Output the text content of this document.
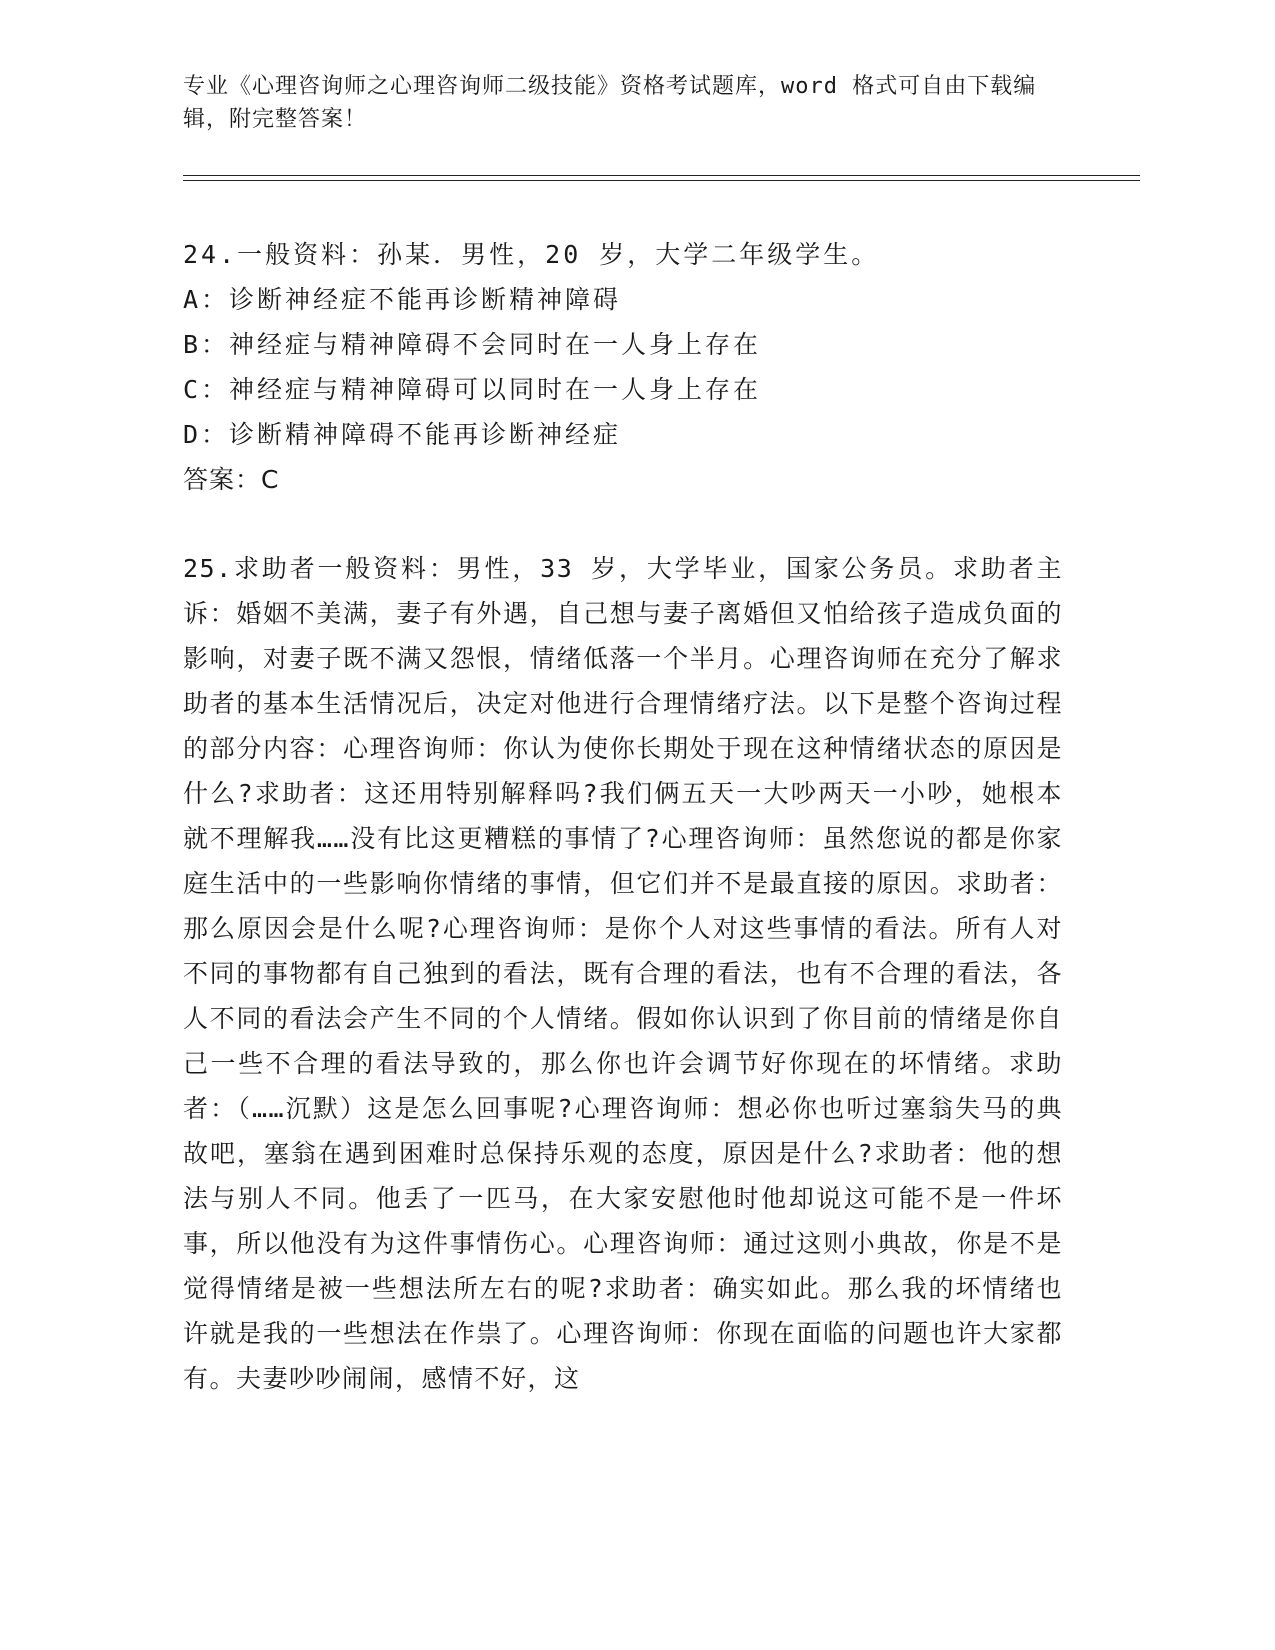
专业《心理咨询师之心理咨询师二级技能》资格考试题库，word 格式可自由下载编辑，附完整答案！
24.一般资料：孙某．男性，20 岁，大学二年级学生。
A：诊断神经症不能再诊断精神障碍
B：神经症与精神障碍不会同时在一人身上存在
C：神经症与精神障碍可以同时在一人身上存在
D：诊断精神障碍不能再诊断神经症
答案：C
25.求助者一般资料：男性，33 岁，大学毕业，国家公务员。求助者主诉：婚姻不美满，妻子有外遇，自己想与妻子离婚但又怕给孩子造成负面的影响，对妻子既不满又怨恨，情绪低落一个半月。心理咨询师在充分了解求助者的基本生活情况后，决定对他进行合理情绪疗法。以下是整个咨询过程的部分内容：心理咨询师：你认为使你长期处于现在这种情绪状态的原因是什么?求助者：这还用特别解释吗?我们俩五天一大吵两天一小吵，她根本就不理解我……没有比这更糟糕的事情了?心理咨询师：虽然您说的都是你家庭生活中的一些影响你情绪的事情，但它们并不是最直接的原因。求助者：那么原因会是什么呢?心理咨询师：是你个人对这些事情的看法。所有人对不同的事物都有自己独到的看法，既有合理的看法，也有不合理的看法，各人不同的看法会产生不同的个人情绪。假如你认识到了你目前的情绪是你自己一些不合理的看法导致的，那么你也许会调节好你现在的坏情绪。求助者：（……沉默）这是怎么回事呢?心理咨询师：想必你也听过塞翁失马的典故吧，塞翁在遇到困难时总保持乐观的态度，原因是什么?求助者：他的想法与别人不同。他丢了一匹马，在大家安慰他时他却说这可能不是一件坏事，所以他没有为这件事情伤心。心理咨询师：通过这则小典故，你是不是觉得情绪是被一些想法所左右的呢?求助者：确实如此。那么我的坏情绪也许就是我的一些想法在作祟了。心理咨询师：你现在面临的问题也许大家都有。夫妻吵吵闹闹，感情不好，这
